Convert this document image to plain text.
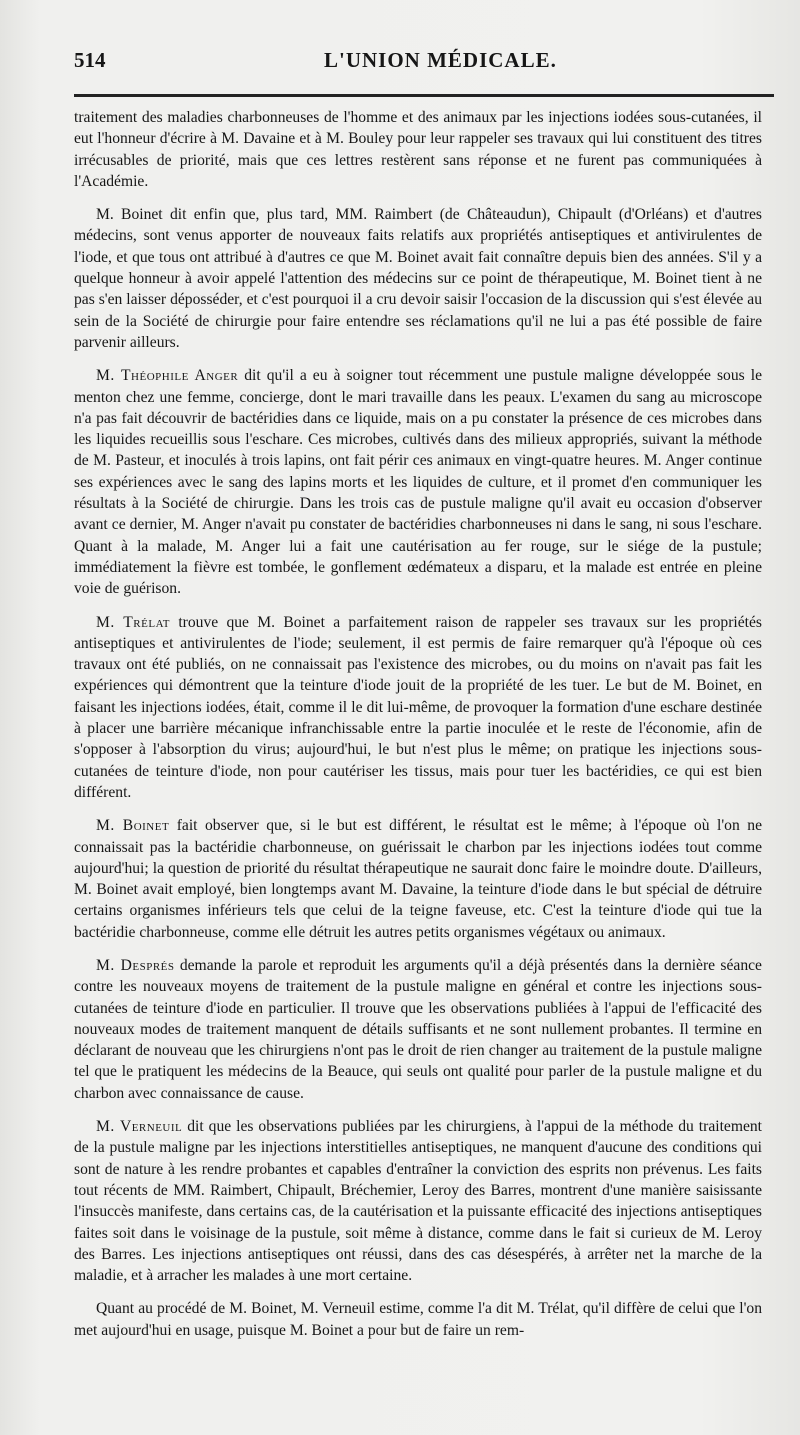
514	L'UNION MÉDICALE.

traitement des maladies charbonneuses de l'homme et des animaux par les injections iodées sous-cutanées, il eut l'honneur d'écrire à M. Davaine et à M. Bouley pour leur rappeler ses travaux qui lui constituent des titres irrécusables de priorité, mais que ces lettres restèrent sans réponse et ne furent pas communiquées à l'Académie.

M. Boinet dit enfin que, plus tard, MM. Raimbert (de Châteaudun), Chipault (d'Orléans) et d'autres médecins, sont venus apporter de nouveaux faits relatifs aux propriétés antiseptiques et antivirulentes de l'iode, et que tous ont attribué à d'autres ce que M. Boinet avait fait connaître depuis bien des années. S'il y a quelque honneur à avoir appelé l'attention des médecins sur ce point de thérapeutique, M. Boinet tient à ne pas s'en laisser déposséder, et c'est pourquoi il a cru devoir saisir l'occasion de la discussion qui s'est élevée au sein de la Société de chirurgie pour faire entendre ses réclamations qu'il ne lui a pas été possible de faire parvenir ailleurs.

M. Théophile Anger dit qu'il a eu à soigner tout récemment une pustule maligne développée sous le menton chez une femme, concierge, dont le mari travaille dans les peaux. L'examen du sang au microscope n'a pas fait découvrir de bactéridies dans ce liquide, mais on a pu constater la présence de ces microbes dans les liquides recueillis sous l'eschare. Ces microbes, cultivés dans des milieux appropriés, suivant la méthode de M. Pasteur, et inoculés à trois lapins, ont fait périr ces animaux en vingt-quatre heures. M. Anger continue ses expériences avec le sang des lapins morts et les liquides de culture, et il promet d'en communiquer les résultats à la Société de chirurgie. Dans les trois cas de pustule maligne qu'il avait eu occasion d'observer avant ce dernier, M. Anger n'avait pu constater de bactéridies charbonneuses ni dans le sang, ni sous l'eschare. Quant à la malade, M. Anger lui a fait une cautérisation au fer rouge, sur le siége de la pustule; immédiatement la fièvre est tombée, le gonflement œdémateux a disparu, et la malade est entrée en pleine voie de guérison.

M. Trélat trouve que M. Boinet a parfaitement raison de rappeler ses travaux sur les propriétés antiseptiques et antivirulentes de l'iode; seulement, il est permis de faire remarquer qu'à l'époque où ces travaux ont été publiés, on ne connaissait pas l'existence des microbes, ou du moins on n'avait pas fait les expériences qui démontrent que la teinture d'iode jouit de la propriété de les tuer. Le but de M. Boinet, en faisant les injections iodées, était, comme il le dit lui-même, de provoquer la formation d'une eschare destinée à placer une barrière mécanique infranchissable entre la partie inoculée et le reste de l'économie, afin de s'opposer à l'absorption du virus; aujourd'hui, le but n'est plus le même; on pratique les injections sous-cutanées de teinture d'iode, non pour cautériser les tissus, mais pour tuer les bactéridies, ce qui est bien différent.

M. Boinet fait observer que, si le but est différent, le résultat est le même; à l'époque où l'on ne connaissait pas la bactéridie charbonneuse, on guérissait le charbon par les injections iodées tout comme aujourd'hui; la question de priorité du résultat thérapeutique ne saurait donc faire le moindre doute. D'ailleurs, M. Boinet avait employé, bien longtemps avant M. Davaine, la teinture d'iode dans le but spécial de détruire certains organismes inférieurs tels que celui de la teigne faveuse, etc. C'est la teinture d'iode qui tue la bactéridie charbonneuse, comme elle détruit les autres petits organismes végétaux ou animaux.

M. Després demande la parole et reproduit les arguments qu'il a déjà présentés dans la dernière séance contre les nouveaux moyens de traitement de la pustule maligne en général et contre les injections sous-cutanées de teinture d'iode en particulier. Il trouve que les observations publiées à l'appui de l'efficacité des nouveaux modes de traitement manquent de détails suffisants et ne sont nullement probantes. Il termine en déclarant de nouveau que les chirurgiens n'ont pas le droit de rien changer au traitement de la pustule maligne tel que le pratiquent les médecins de la Beauce, qui seuls ont qualité pour parler de la pustule maligne et du charbon avec connaissance de cause.

M. Verneuil dit que les observations publiées par les chirurgiens, à l'appui de la méthode du traitement de la pustule maligne par les injections interstitielles antiseptiques, ne manquent d'aucune des conditions qui sont de nature à les rendre probantes et capables d'entraîner la conviction des esprits non prévenus. Les faits tout récents de MM. Raimbert, Chipault, Bréchemier, Leroy des Barres, montrent d'une manière saisissante l'insuccès manifeste, dans certains cas, de la cautérisation et la puissante efficacité des injections antiseptiques faites soit dans le voisinage de la pustule, soit même à distance, comme dans le fait si curieux de M. Leroy des Barres. Les injections antiseptiques ont réussi, dans des cas désespérés, à arrêter net la marche de la maladie, et à arracher les malades à une mort certaine.

Quant au procédé de M. Boinet, M. Verneuil estime, comme l'a dit M. Trélat, qu'il diffère de celui que l'on met aujourd'hui en usage, puisque M. Boinet a pour but de faire un rem-
